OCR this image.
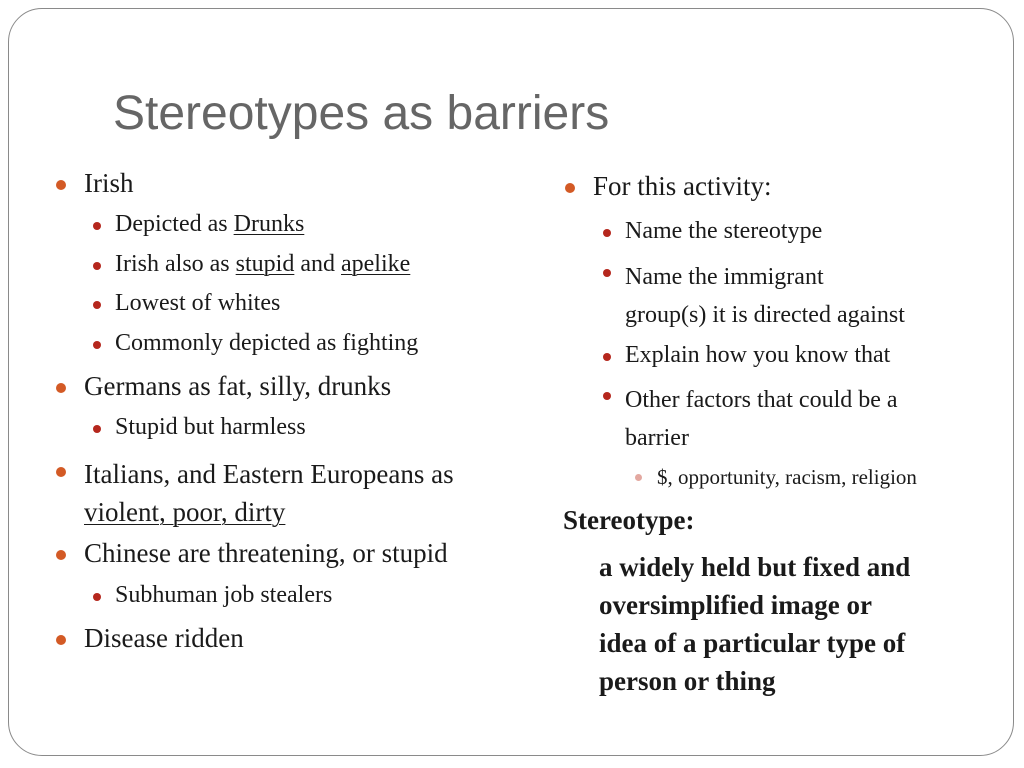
Stereotypes as barriers
Irish
Depicted as Drunks
Irish also as stupid and apelike
Lowest of whites
Commonly depicted as fighting
Germans as fat, silly, drunks
Stupid but harmless
Italians, and Eastern Europeans as
violent, poor, dirty
Chinese are threatening, or stupid
Subhuman job stealers
Disease ridden
For this activity:
Name the stereotype
Name the immigrant
group(s) it is directed against
Explain how you know that
Other factors that could be a
barrier
$, opportunity, racism, religion
Stereotype:
a widely held but fixed and
oversimplified image or
idea of a particular type of
person or thing
